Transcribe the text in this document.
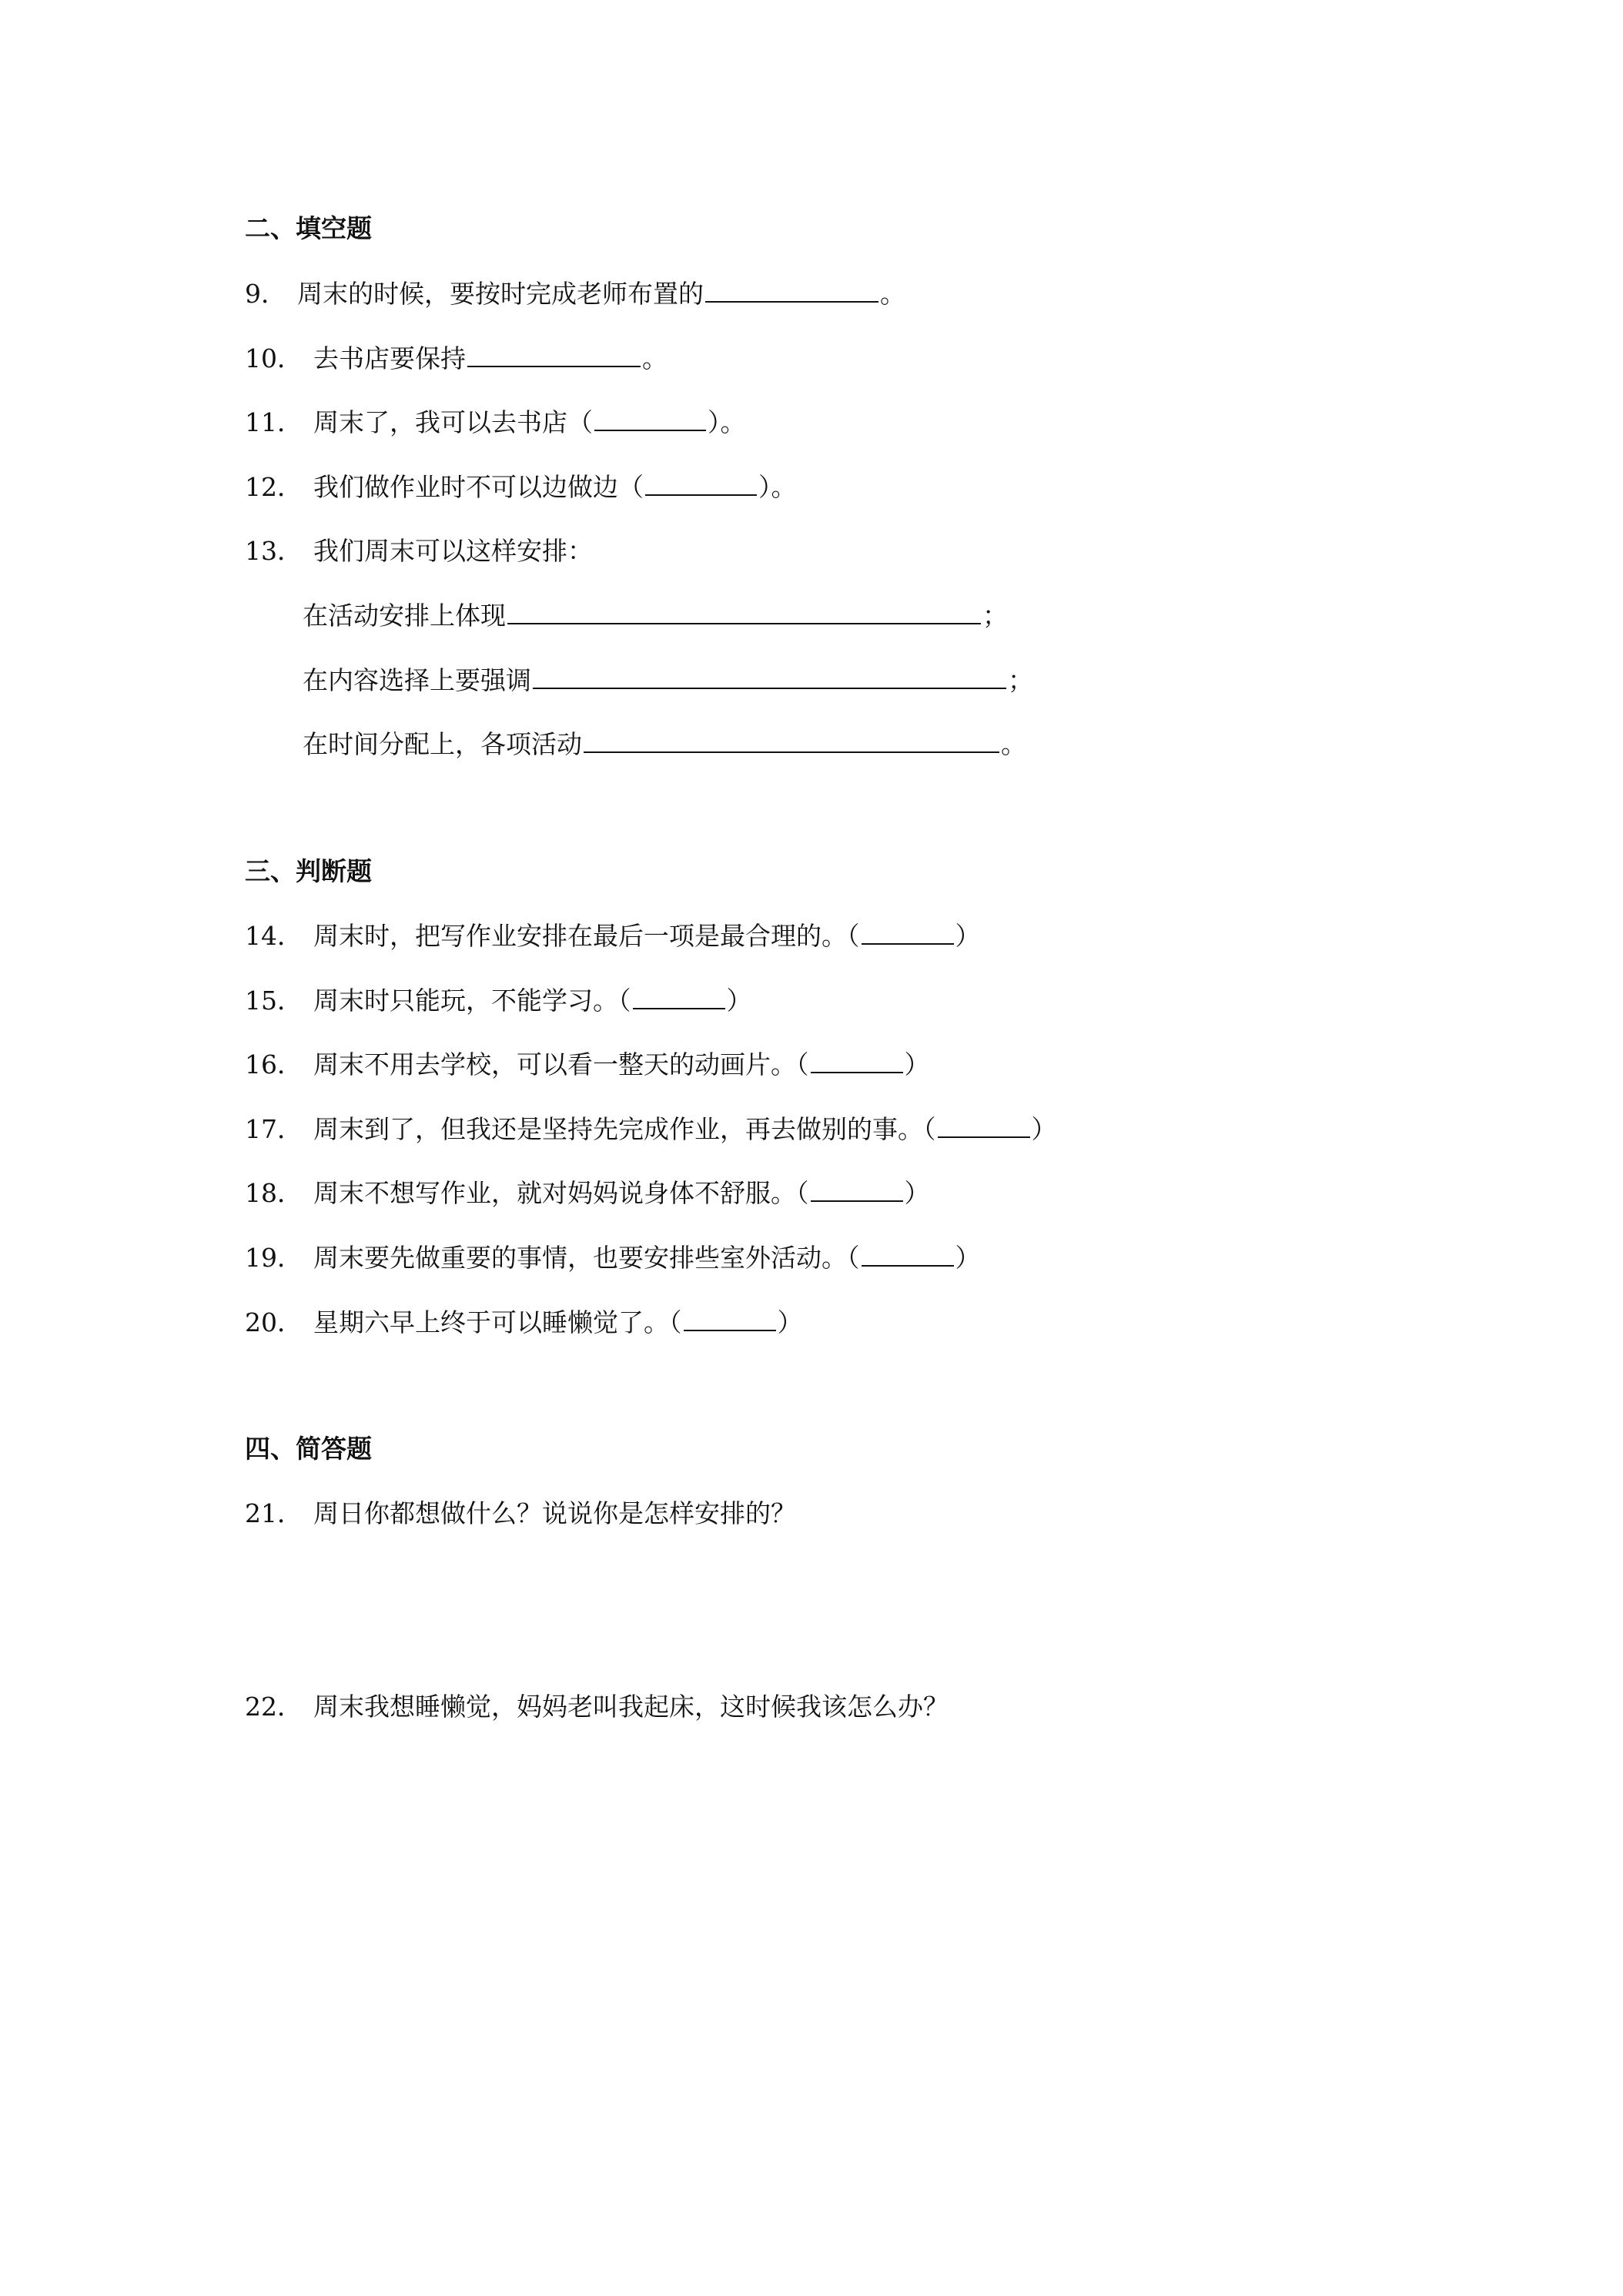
二、填空题
9． 周末的时候，要按时完成老师布置的	。
10． 去书店要保持	。
11． 周末了，我可以去书店（	）。
12． 我们做作业时不可以边做边（	）。
13． 我们周末可以这样安排：
在活动安排上体现	；
在内容选择上要强调	；
在时间分配上，各项活动	。
三、判断题
14． 周末时，把写作业安排在最后一项是最合理的。（	）
15． 周末时只能玩，不能学习。（	）
16． 周末不用去学校，可以看一整天的动画片。（	）
17． 周末到了，但我还是坚持先完成作业，再去做别的事。（	）
18． 周末不想写作业，就对妈妈说身体不舒服。（	）
19． 周末要先做重要的事情，也要安排些室外活动。（	）
20． 星期六早上终于可以睡懒觉了。（	）
四、简答题
21． 周日你都想做什么？说说你是怎样安排的？
22． 周末我想睡懒觉，妈妈老叫我起床，这时候我该怎么办？
